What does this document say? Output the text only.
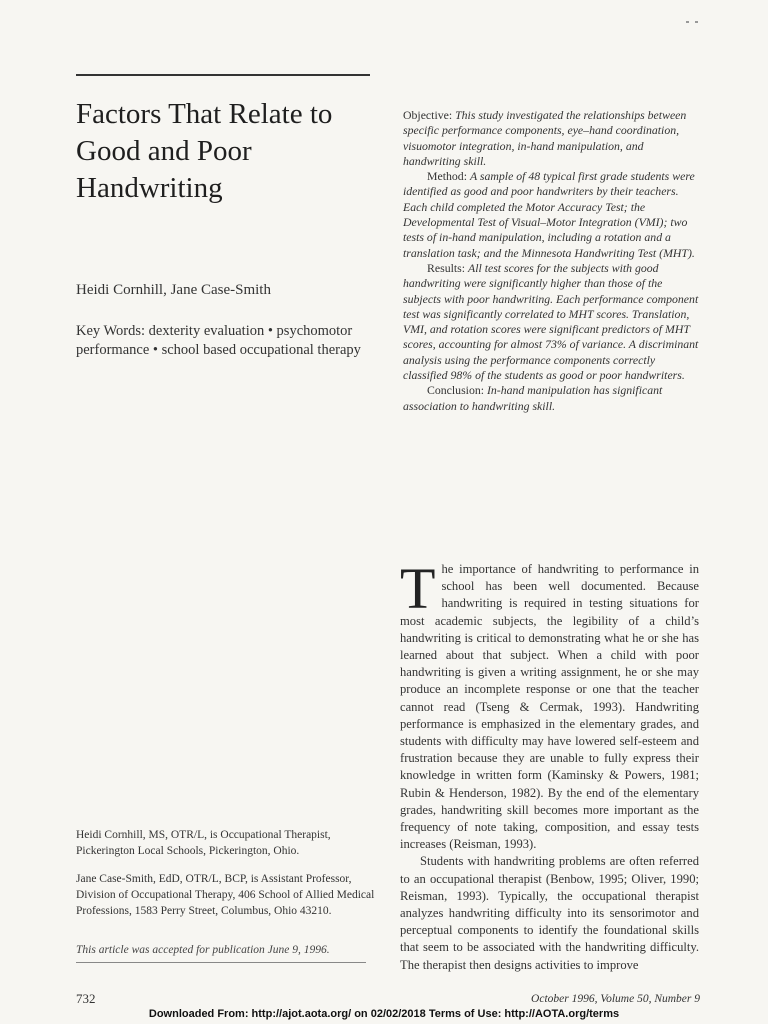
Factors That Relate to Good and Poor Handwriting
Heidi Cornhill, Jane Case-Smith
Key Words: dexterity evaluation • psychomotor performance • school based occupational therapy

Objective: This study investigated the relationships between specific performance components, eye–hand coordination, visuomotor integration, in-hand manipulation, and handwriting skill.

Method: A sample of 48 typical first grade students were identified as good and poor handwriters by their teachers. Each child completed the Motor Accuracy Test; the Developmental Test of Visual–Motor Integration (VMI); two tests of in-hand manipulation, including a rotation and a translation task; and the Minnesota Handwriting Test (MHT).

Results: All test scores for the subjects with good handwriting were significantly higher than those of the subjects with poor handwriting. Each performance component test was significantly correlated to MHT scores. Translation, VMI, and rotation scores were significant predictors of MHT scores, accounting for almost 73% of variance. A discriminant analysis using the performance components correctly classified 98% of the students as good or poor handwriters.

Conclusion: In-hand manipulation has significant association to handwriting skill.

The importance of handwriting to performance in school has been well documented. Because handwriting is required in testing situations for most academic subjects, the legibility of a child’s handwriting is critical to demonstrating what he or she has learned about that subject. When a child with poor handwriting is given a writing assignment, he or she may produce an incomplete response or one that the teacher cannot read (Tseng & Cermak, 1993). Handwriting performance is emphasized in the elementary grades, and students with difficulty may have lowered self-esteem and frustration because they are unable to fully express their knowledge in written form (Kaminsky & Powers, 1981; Rubin & Henderson, 1982). By the end of the elementary grades, handwriting skill becomes more important as the frequency of note taking, composition, and essay tests increases (Reisman, 1993).

Students with handwriting problems are often referred to an occupational therapist (Benbow, 1995; Oliver, 1990; Reisman, 1993). Typically, the occupational therapist analyzes handwriting difficulty into its sensorimotor and perceptual components to identify the foundational skills that seem to be associated with the handwriting difficulty. The therapist then designs activities to improve

Heidi Cornhill, MS, OTR/L, is Occupational Therapist, Pickerington Local Schools, Pickerington, Ohio.

Jane Case-Smith, EdD, OTR/L, BCP, is Assistant Professor, Division of Occupational Therapy, 406 School of Allied Medical Professions, 1583 Perry Street, Columbus, Ohio 43210.

This article was accepted for publication June 9, 1996.
732	October 1996, Volume 50, Number 9
Downloaded From: http://ajot.aota.org/ on 02/02/2018 Terms of Use: http://AOTA.org/terms
